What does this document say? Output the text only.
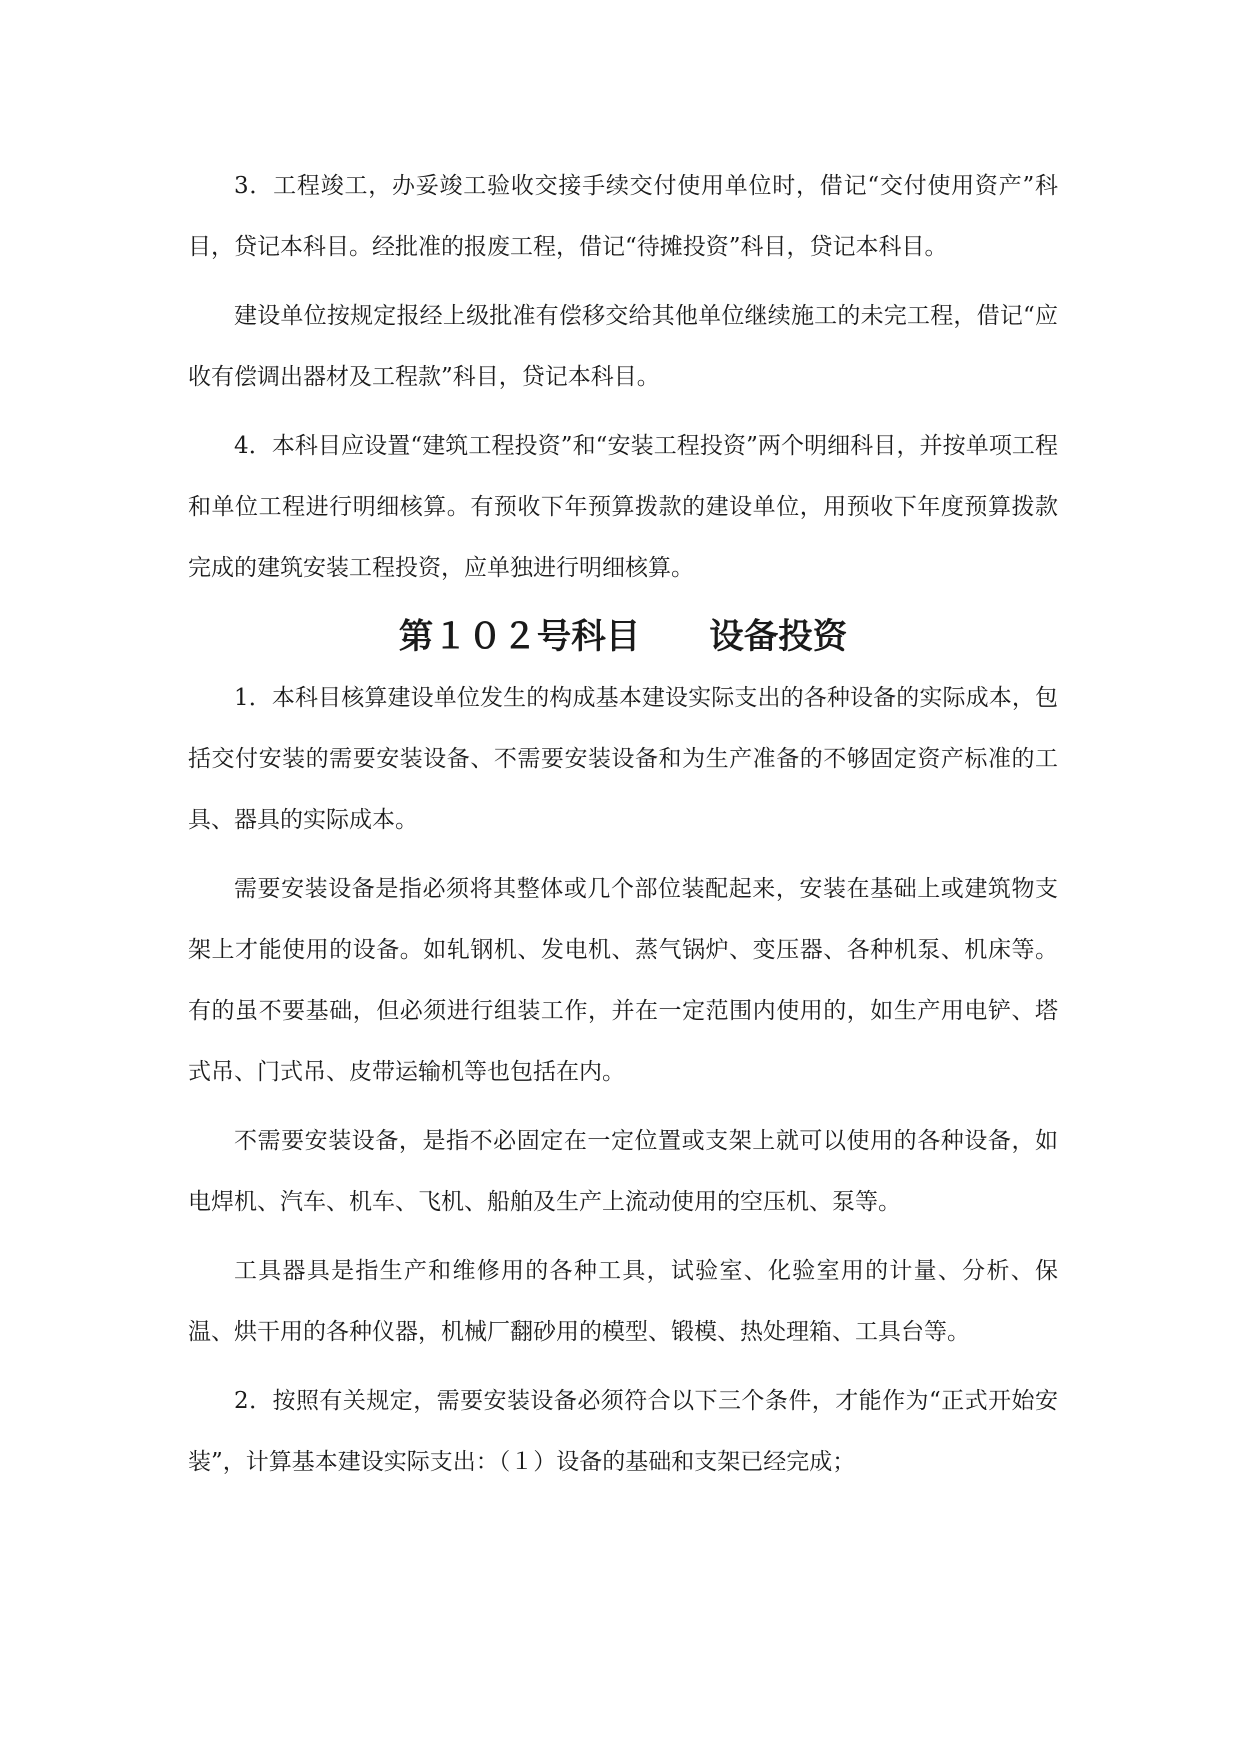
3．工程竣工，办妥竣工验收交接手续交付使用单位时，借记“交付使用资产”科目，贷记本科目。经批准的报废工程，借记“待摊投资”科目，贷记本科目。

建设单位按规定报经上级批准有偿移交给其他单位继续施工的未完工程，借记“应收有偿调出器材及工程款”科目，贷记本科目。

4．本科目应设置“建筑工程投资”和“安装工程投资”两个明细科目，并按单项工程和单位工程进行明细核算。有预收下年预算拨款的建设单位，用预收下年度预算拨款完成的建筑安装工程投资，应单独进行明细核算。

第１０２号科目　　设备投资

1．本科目核算建设单位发生的构成基本建设实际支出的各种设备的实际成本，包括交付安装的需要安装设备、不需要安装设备和为生产准备的不够固定资产标准的工具、器具的实际成本。

需要安装设备是指必须将其整体或几个部位装配起来，安装在基础上或建筑物支架上才能使用的设备。如轧钢机、发电机、蒸气锅炉、变压器、各种机泵、机床等。有的虽不要基础，但必须进行组装工作，并在一定范围内使用的，如生产用电铲、塔式吊、门式吊、皮带运输机等也包括在内。

不需要安装设备，是指不必固定在一定位置或支架上就可以使用的各种设备，如电焊机、汽车、机车、飞机、船舶及生产上流动使用的空压机、泵等。

工具器具是指生产和维修用的各种工具，试验室、化验室用的计量、分析、保温、烘干用的各种仪器，机械厂翻砂用的模型、锻模、热处理箱、工具台等。

2．按照有关规定，需要安装设备必须符合以下三个条件，才能作为“正式开始安装”，计算基本建设实际支出：（１）设备的基础和支架已经完成；
